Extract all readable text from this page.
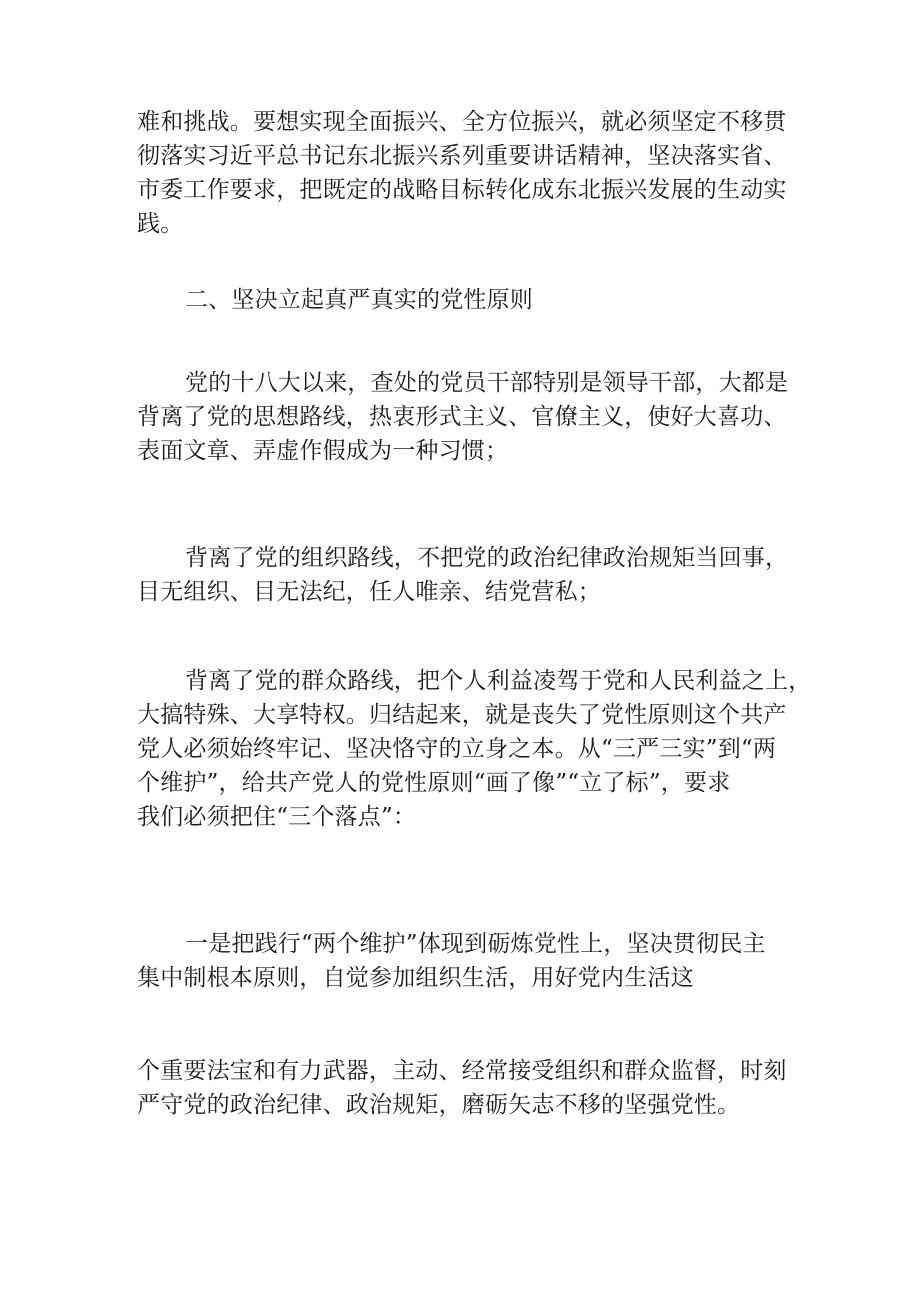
难和挑战。要想实现全面振兴、全方位振兴，就必须坚定不移贯
彻落实习近平总书记东北振兴系列重要讲话精神，坚决落实省、
市委工作要求，把既定的战略目标转化成东北振兴发展的生动实
践。
二、坚决立起真严真实的党性原则
党的十八大以来，查处的党员干部特别是领导干部，大都是
背离了党的思想路线，热衷形式主义、官僚主义，使好大喜功、
表面文章、弄虚作假成为一种习惯；
背离了党的组织路线，不把党的政治纪律政治规矩当回事，
目无组织、目无法纪，任人唯亲、结党营私；
背离了党的群众路线，把个人利益凌驾于党和人民利益之上，
大搞特殊、大享特权。归结起来，就是丧失了党性原则这个共产
党人必须始终牢记、坚决恪守的立身之本。从“三严三实”到“两
个维护”，给共产党人的党性原则“画了像”“立了标”，要求
我们必须把住“三个落点”：
一是把践行“两个维护”体现到砺炼党性上，坚决贯彻民主
集中制根本原则，自觉参加组织生活，用好党内生活这
个重要法宝和有力武器，主动、经常接受组织和群众监督，时刻
严守党的政治纪律、政治规矩，磨砺矢志不移的坚强党性。
